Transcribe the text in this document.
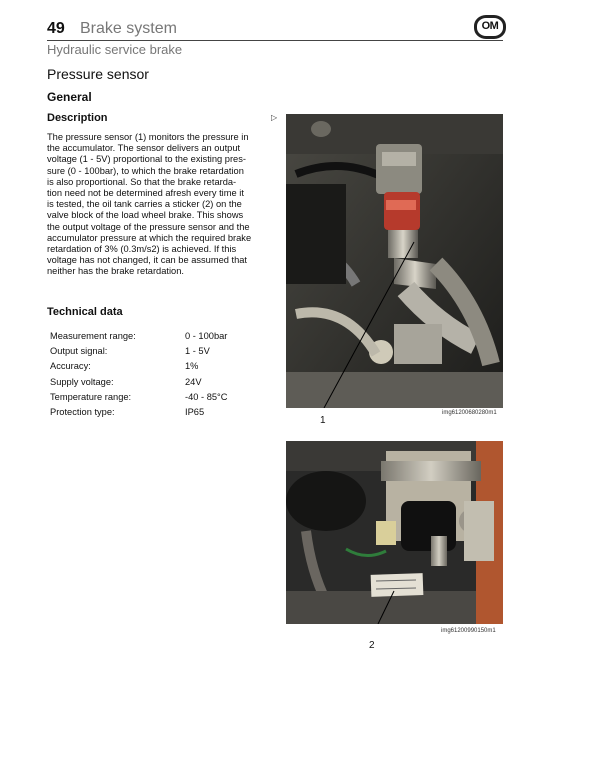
49 Brake system	OM
Hydraulic service brake
Pressure sensor
General
Description	▷
The pressure sensor (1) monitors the pressure in
the accumulator. The sensor delivers an output
voltage (1 - 5V) proportional to the existing pres-
sure (0 - 100bar), to which the brake retardation
is also proportional. So that the brake retarda-
tion need not be determined afresh every time it
is tested, the oil tank carries a sticker (2) on the
valve block of the load wheel brake. This shows
the output voltage of the pressure sensor and the
accumulator pressure at which the required brake
retardation of 3% (0.3m/s2) is achieved. If this
voltage has not changed, it can be assumed that
neither has the brake retardation.
Technical data
Measurement range:	0 - 100bar
Output signal:	1 - 5V
Accuracy:	1%
Supply voltage:	24V
Temperature range:	-40 - 85°C
Protection type:	IP65	img61200680280m1
1
img61200990150m1
2
